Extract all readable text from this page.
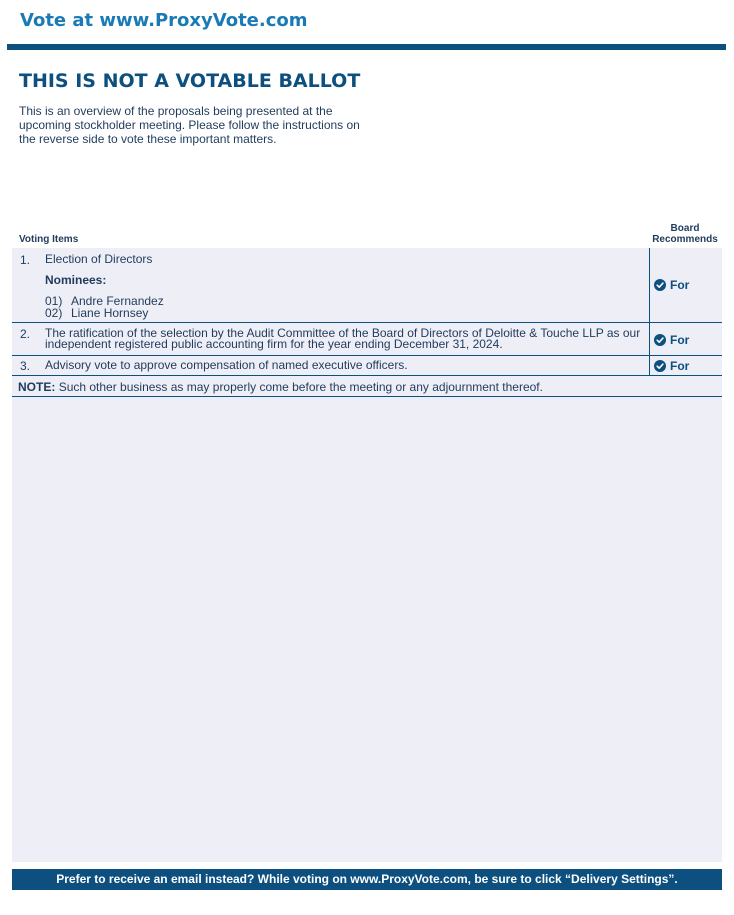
Vote at www.ProxyVote.com
THIS IS NOT A VOTABLE BALLOT
This is an overview of the proposals being presented at the upcoming stockholder meeting. Please follow the instructions on the reverse side to vote these important matters.
Voting Items
Board
Recommends
1. Election of Directors
Nominees:
01) Andre Fernandez
02) Liane Hornsey
For
2. The ratification of the selection by the Audit Committee of the Board of Directors of Deloitte & Touche LLP as our independent registered public accounting firm for the year ending December 31, 2024.	For
3. Advisory vote to approve compensation of named executive officers.	For
NOTE: Such other business as may properly come before the meeting or any adjournment thereof.
Prefer to receive an email instead? While voting on www.ProxyVote.com, be sure to click “Delivery Settings”.
